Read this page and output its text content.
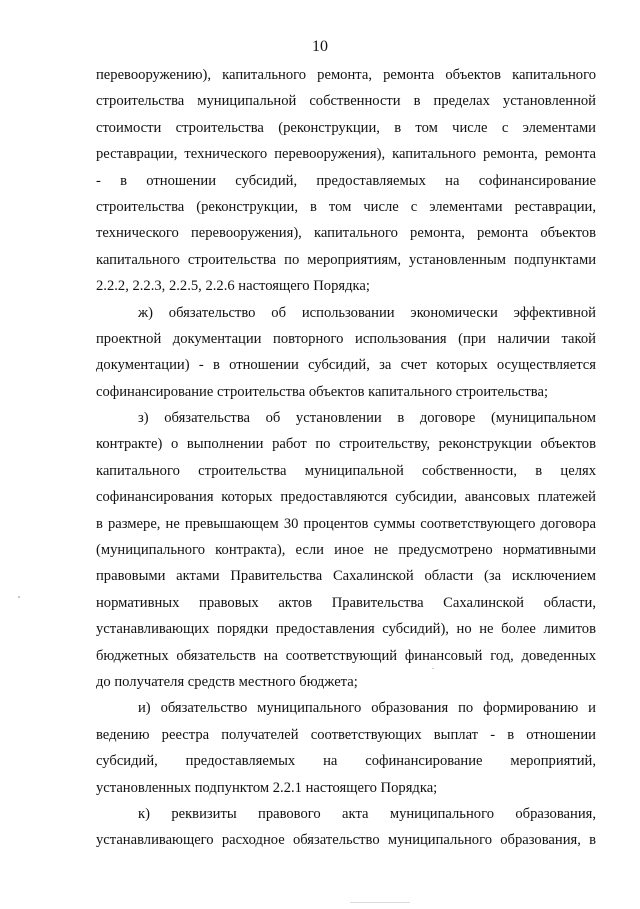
10
перевооружению), капитального ремонта, ремонта объектов капитального
строительства муниципальной собственности в пределах установленной
стоимости строительства (реконструкции, в том числе с элементами
реставрации, технического перевооружения), капитального ремонта, ремонта
- в отношении субсидий, предоставляемых на софинансирование
строительства (реконструкции, в том числе с элементами реставрации,
технического перевооружения), капитального ремонта, ремонта объектов
капитального строительства по мероприятиям, установленным подпунктами
2.2.2, 2.2.3, 2.2.5, 2.2.6 настоящего Порядка;
ж) обязательство об использовании экономически эффективной
проектной документации повторного использования (при наличии такой
документации) - в отношении субсидий, за счет которых осуществляется
софинансирование строительства объектов капитального строительства;
з) обязательства об установлении в договоре (муниципальном
контракте) о выполнении работ по строительству, реконструкции объектов
капитального строительства муниципальной собственности, в целях
софинансирования которых предоставляются субсидии, авансовых платежей
в размере, не превышающем 30 процентов суммы соответствующего договора
(муниципального контракта), если иное не предусмотрено нормативными
правовыми актами Правительства Сахалинской области (за исключением
нормативных правовых актов Правительства Сахалинской области,
устанавливающих порядки предоставления субсидий), но не более лимитов
бюджетных обязательств на соответствующий финансовый год, доведенных
до получателя средств местного бюджета;
и) обязательство муниципального образования по формированию и
ведению реестра получателей соответствующих выплат - в отношении
субсидий, предоставляемых на софинансирование мероприятий,
установленных подпунктом 2.2.1 настоящего Порядка;
к) реквизиты правового акта муниципального образования,
устанавливающего расходное обязательство муниципального образования, в
